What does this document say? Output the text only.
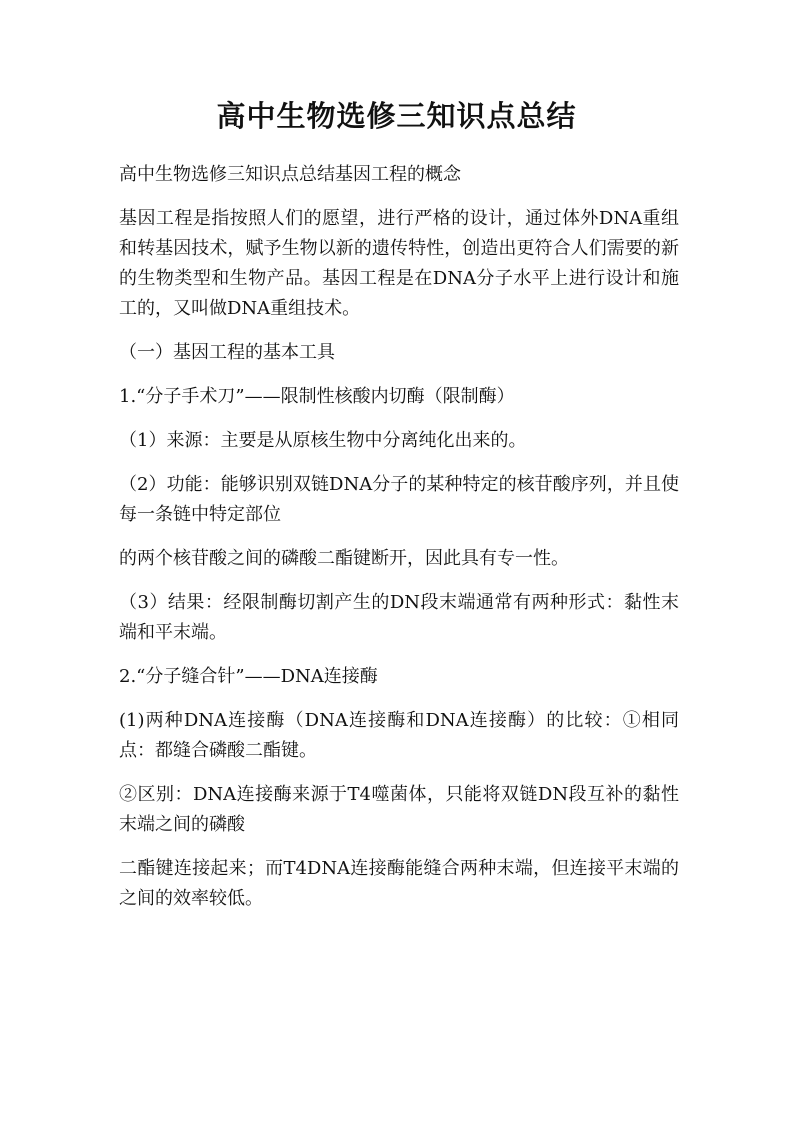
高中生物选修三知识点总结

高中生物选修三知识点总结基因工程的概念

基因工程是指按照人们的愿望，进行严格的设计，通过体外DNA重组和转基因技术，赋予生物以新的遗传特性，创造出更符合人们需要的新的生物类型和生物产品。基因工程是在DNA分子水平上进行设计和施工的，又叫做DNA重组技术。

（一）基因工程的基本工具

1.“分子手术刀”——限制性核酸内切酶（限制酶）

（1）来源：主要是从原核生物中分离纯化出来的。

（2）功能：能够识别双链DNA分子的某种特定的核苷酸序列，并且使每一条链中特定部位

的两个核苷酸之间的磷酸二酯键断开，因此具有专一性。

（3）结果：经限制酶切割产生的DN段末端通常有两种形式：黏性末端和平末端。

2.“分子缝合针”——DNA连接酶

(1)两种DNA连接酶（DNA连接酶和DNA连接酶）的比较：①相同点：都缝合磷酸二酯键。

②区别：DNA连接酶来源于T4噬菌体，只能将双链DN段互补的黏性末端之间的磷酸

二酯键连接起来；而T4DNA连接酶能缝合两种末端，但连接平末端的之间的效率较低。
